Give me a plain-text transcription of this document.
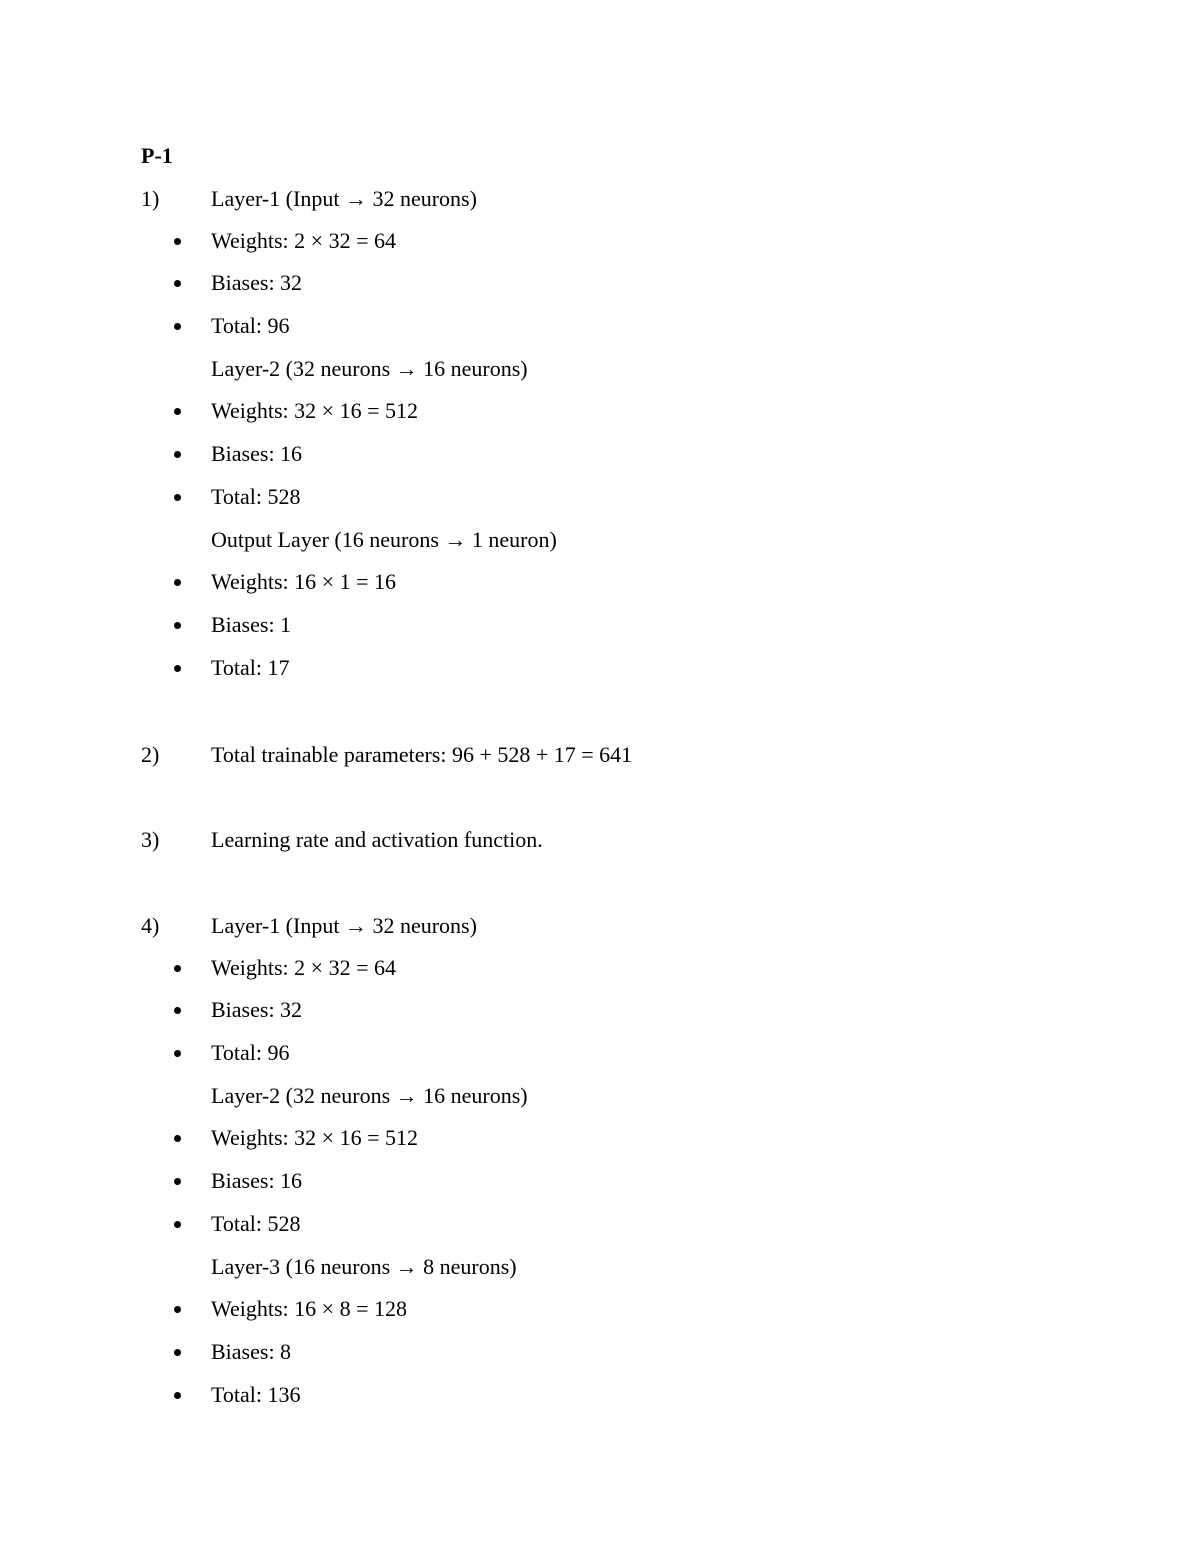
P-1
1) Layer-1 (Input → 32 neurons)
Weights: 2 × 32 = 64
Biases: 32
Total: 96
Layer-2 (32 neurons → 16 neurons)
Weights: 32 × 16 = 512
Biases: 16
Total: 528
Output Layer (16 neurons → 1 neuron)
Weights: 16 × 1 = 16
Biases: 1
Total: 17
2) Total trainable parameters: 96 + 528 + 17 = 641
3) Learning rate and activation function.
4) Layer-1 (Input → 32 neurons)
Weights: 2 × 32 = 64
Biases: 32
Total: 96
Layer-2 (32 neurons → 16 neurons)
Weights: 32 × 16 = 512
Biases: 16
Total: 528
Layer-3 (16 neurons → 8 neurons)
Weights: 16 × 8 = 128
Biases: 8
Total: 136
